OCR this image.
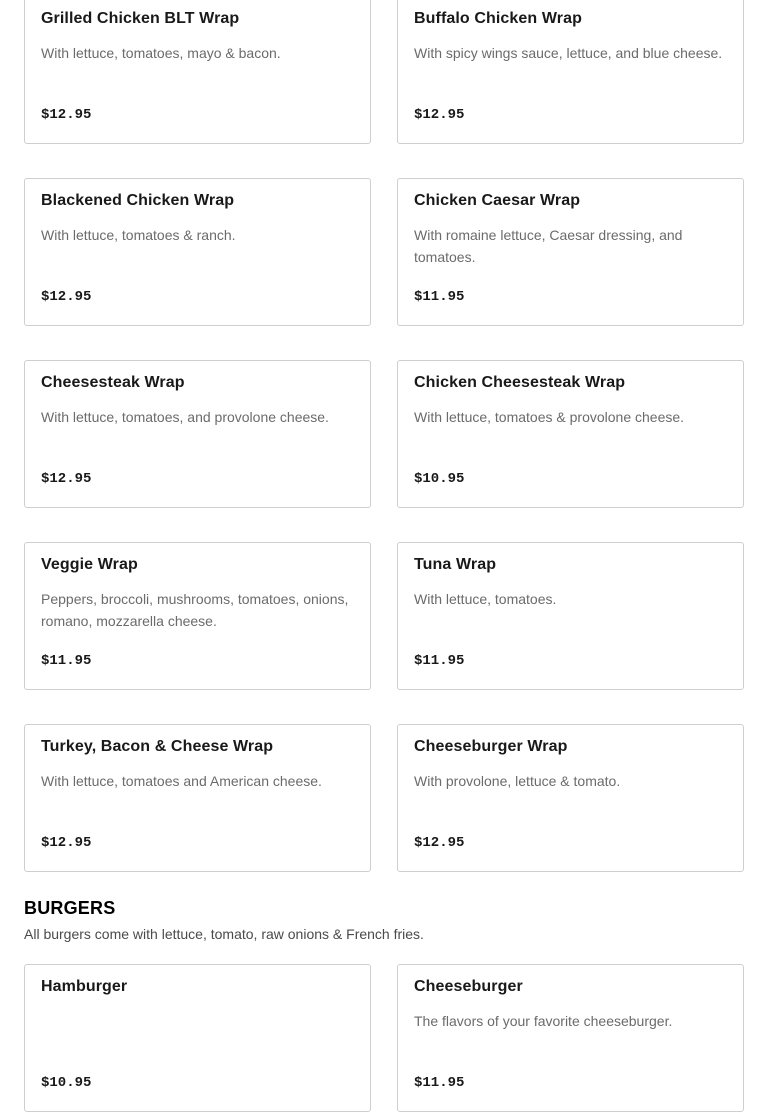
Grilled Chicken BLT Wrap
With lettuce, tomatoes, mayo & bacon.
$12.95
Buffalo Chicken Wrap
With spicy wings sauce, lettuce, and blue cheese.
$12.95
Blackened Chicken Wrap
With lettuce, tomatoes & ranch.
$12.95
Chicken Caesar Wrap
With romaine lettuce, Caesar dressing, and tomatoes.
$11.95
Cheesesteak Wrap
With lettuce, tomatoes, and provolone cheese.
$12.95
Chicken Cheesesteak Wrap
With lettuce, tomatoes & provolone cheese.
$10.95
Veggie Wrap
Peppers, broccoli, mushrooms, tomatoes, onions, romano, mozzarella cheese.
$11.95
Tuna Wrap
With lettuce, tomatoes.
$11.95
Turkey, Bacon & Cheese Wrap
With lettuce, tomatoes and American cheese.
$12.95
Cheeseburger Wrap
With provolone, lettuce & tomato.
$12.95
BURGERS
All burgers come with lettuce, tomato, raw onions & French fries.
Hamburger
$10.95
Cheeseburger
The flavors of your favorite cheeseburger.
$11.95
